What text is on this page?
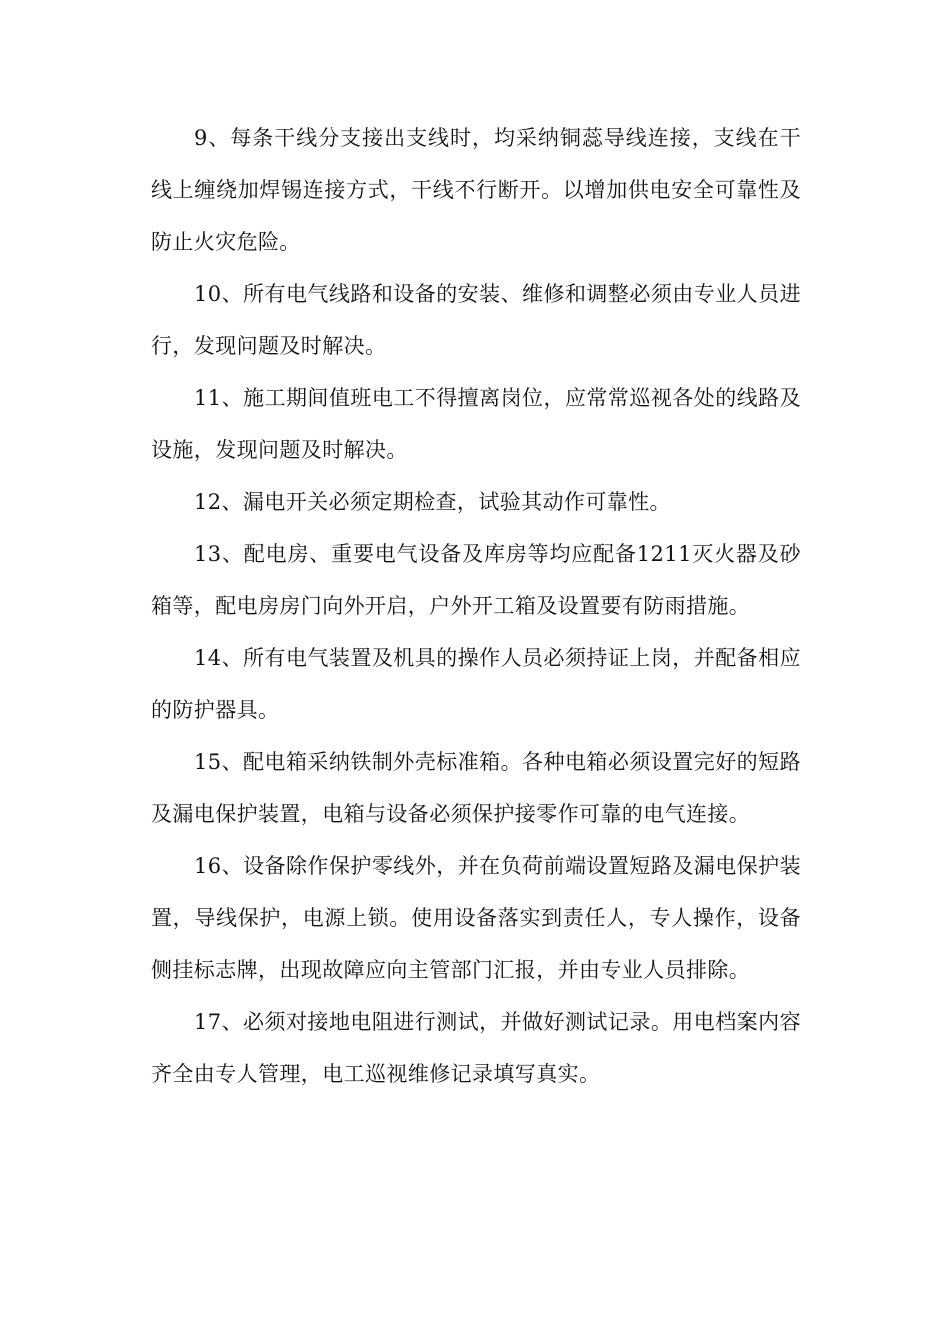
9、每条干线分支接出支线时，均采纳铜蕊导线连接，支线在干线上缠绕加焊锡连接方式，干线不行断开。以增加供电安全可靠性及防止火灾危险。

10、所有电气线路和设备的安装、维修和调整必须由专业人员进行，发现问题及时解决。

11、施工期间值班电工不得擅离岗位，应常常巡视各处的线路及设施，发现问题及时解决。

12、漏电开关必须定期检查，试验其动作可靠性。

13、配电房、重要电气设备及库房等均应配备1211灭火器及砂箱等，配电房房门向外开启，户外开工箱及设置要有防雨措施。

14、所有电气装置及机具的操作人员必须持证上岗，并配备相应的防护器具。

15、配电箱采纳铁制外壳标准箱。各种电箱必须设置完好的短路及漏电保护装置，电箱与设备必须保护接零作可靠的电气连接。

16、设备除作保护零线外，并在负荷前端设置短路及漏电保护装置，导线保护，电源上锁。使用设备落实到责任人，专人操作，设备侧挂标志牌，出现故障应向主管部门汇报，并由专业人员排除。

17、必须对接地电阻进行测试，并做好测试记录。用电档案内容齐全由专人管理，电工巡视维修记录填写真实。
